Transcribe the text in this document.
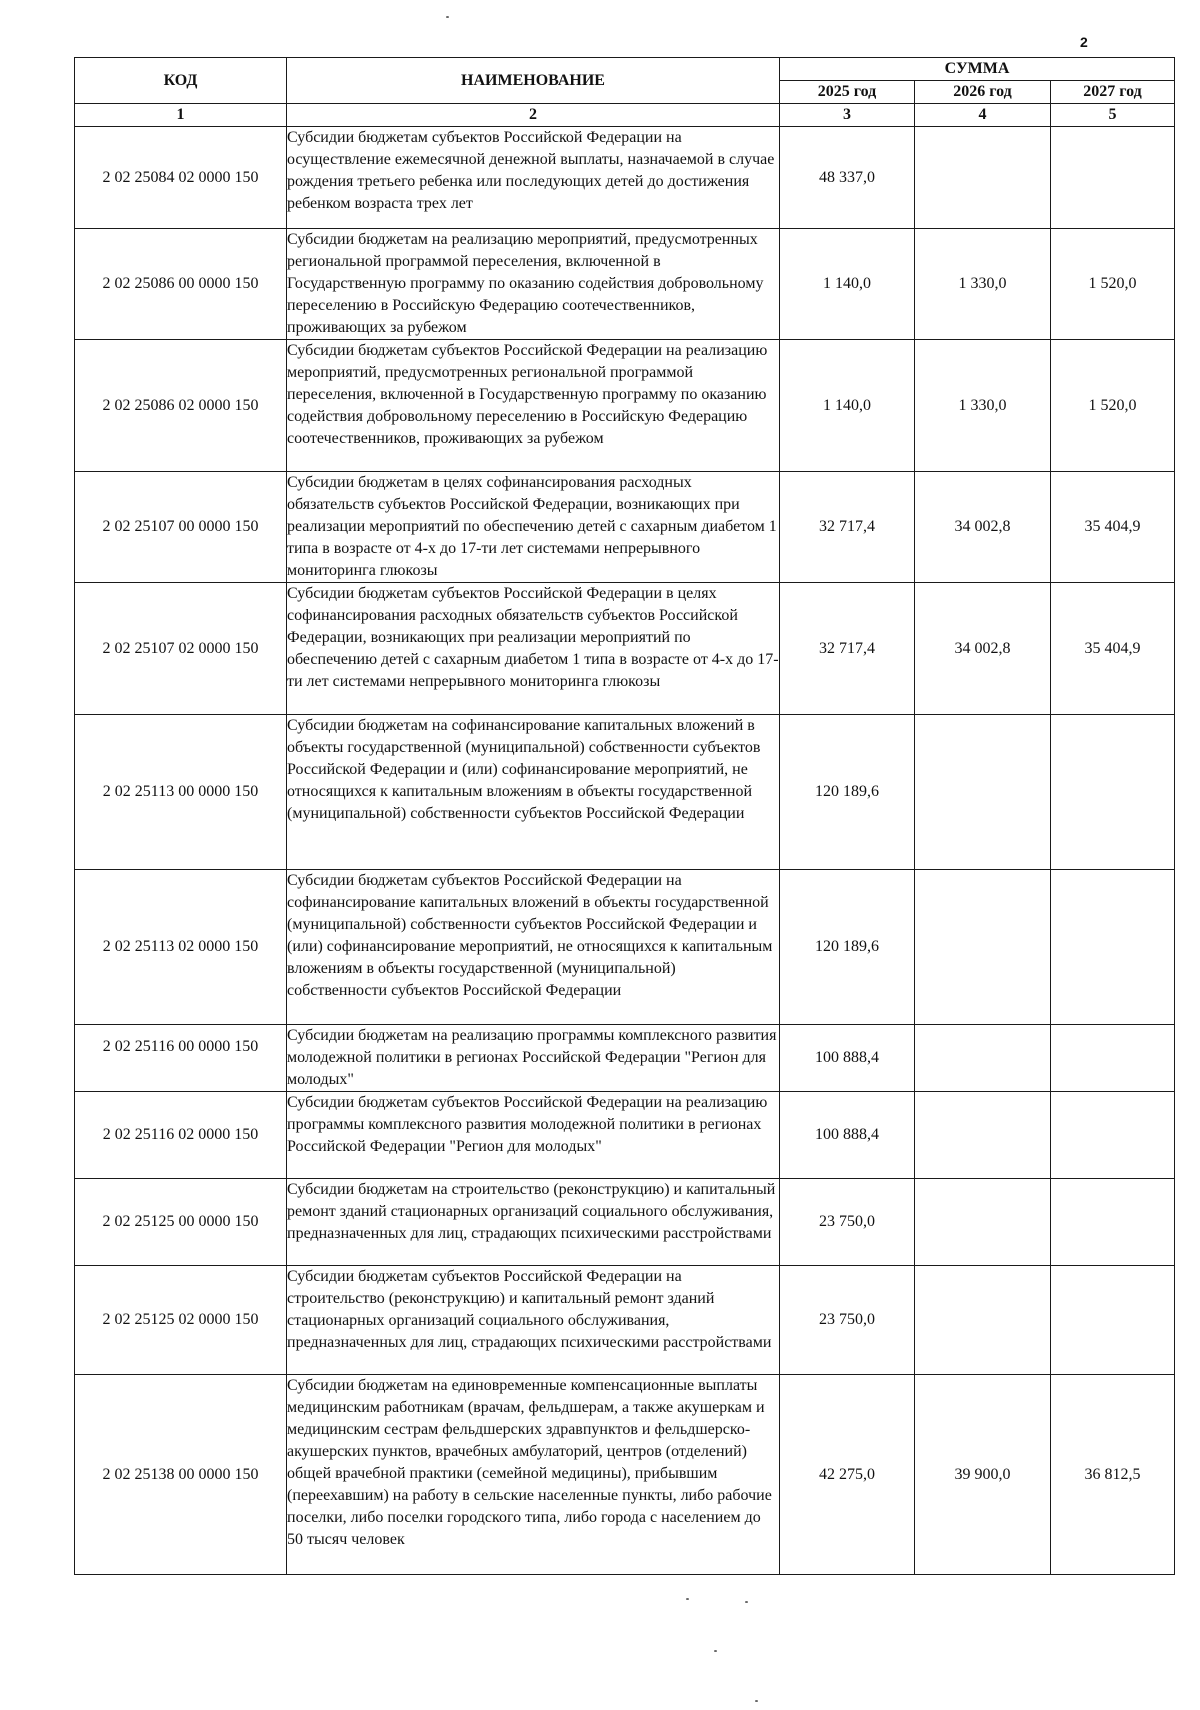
2
КОД	НАИМЕНОВАНИЕ	СУММА		
		2025 год	2026 год	2027 год
1	2	3	4	5
2 02 25084 02 0000 150	Субсидии бюджетам субъектов Российской Федерации на осуществление ежемесячной денежной выплаты, назначаемой в случае рождения третьего ребенка или последующих детей до достижения ребенком возраста трех лет	48 337,0		
2 02 25086 00 0000 150	Субсидии бюджетам на реализацию мероприятий, предусмотренных региональной программой переселения, включенной в Государственную программу по оказанию содействия добровольному переселению в Российскую Федерацию соотечественников, проживающих за рубежом	1 140,0	1 330,0	1 520,0
2 02 25086 02 0000 150	Субсидии бюджетам субъектов Российской Федерации на реализацию мероприятий, предусмотренных региональной программой переселения, включенной в Государственную программу по оказанию содействия добровольному переселению в Российскую Федерацию соотечественников, проживающих за рубежом	1 140,0	1 330,0	1 520,0
2 02 25107 00 0000 150	Субсидии бюджетам в целях софинансирования расходных обязательств субъектов Российской Федерации, возникающих при реализации мероприятий по обеспечению детей с сахарным диабетом 1 типа в возрасте от 4-х до 17-ти лет системами непрерывного мониторинга глюкозы	32 717,4	34 002,8	35 404,9
2 02 25107 02 0000 150	Субсидии бюджетам субъектов Российской Федерации в целях софинансирования расходных обязательств субъектов Российской Федерации, возникающих при реализации мероприятий по обеспечению детей с сахарным диабетом 1 типа в возрасте от 4-х до 17-ти лет системами непрерывного мониторинга глюкозы	32 717,4	34 002,8	35 404,9
2 02 25113 00 0000 150	Субсидии бюджетам на софинансирование капитальных вложений в объекты государственной (муниципальной) собственности субъектов Российской Федерации и (или) софинансирование мероприятий, не относящихся к капитальным вложениям в объекты государственной (муниципальной) собственности субъектов Российской Федерации	120 189,6		
2 02 25113 02 0000 150	Субсидии бюджетам субъектов Российской Федерации на софинансирование капитальных вложений в объекты государственной (муниципальной) собственности субъектов Российской Федерации и (или) софинансирование мероприятий, не относящихся к капитальным вложениям в объекты государственной (муниципальной) собственности субъектов Российской Федерации	120 189,6		
2 02 25116 00 0000 150	Субсидии бюджетам на реализацию программы комплексного развития молодежной политики в регионах Российской Федерации "Регион для молодых"	100 888,4		
2 02 25116 02 0000 150	Субсидии бюджетам субъектов Российской Федерации на реализацию программы комплексного развития молодежной политики в регионах Российской Федерации "Регион для молодых"	100 888,4		
2 02 25125 00 0000 150	Субсидии бюджетам на строительство (реконструкцию) и капитальный ремонт зданий стационарных организаций социального обслуживания, предназначенных для лиц, страдающих психическими расстройствами	23 750,0		
2 02 25125 02 0000 150	Субсидии бюджетам субъектов Российской Федерации на строительство (реконструкцию) и капитальный ремонт зданий стационарных организаций социального обслуживания, предназначенных для лиц, страдающих психическими расстройствами	23 750,0		
2 02 25138 00 0000 150	Субсидии бюджетам на единовременные компенсационные выплаты медицинским работникам (врачам, фельдшерам, а также акушеркам и медицинским сестрам фельдшерских здравпунктов и фельдшерско-акушерских пунктов, врачебных амбулаторий, центров (отделений) общей врачебной практики (семейной медицины), прибывшим (переехавшим) на работу в сельские населенные пункты, либо рабочие поселки, либо поселки городского типа, либо города с населением до 50 тысяч человек	42 275,0	39 900,0	36 812,5
